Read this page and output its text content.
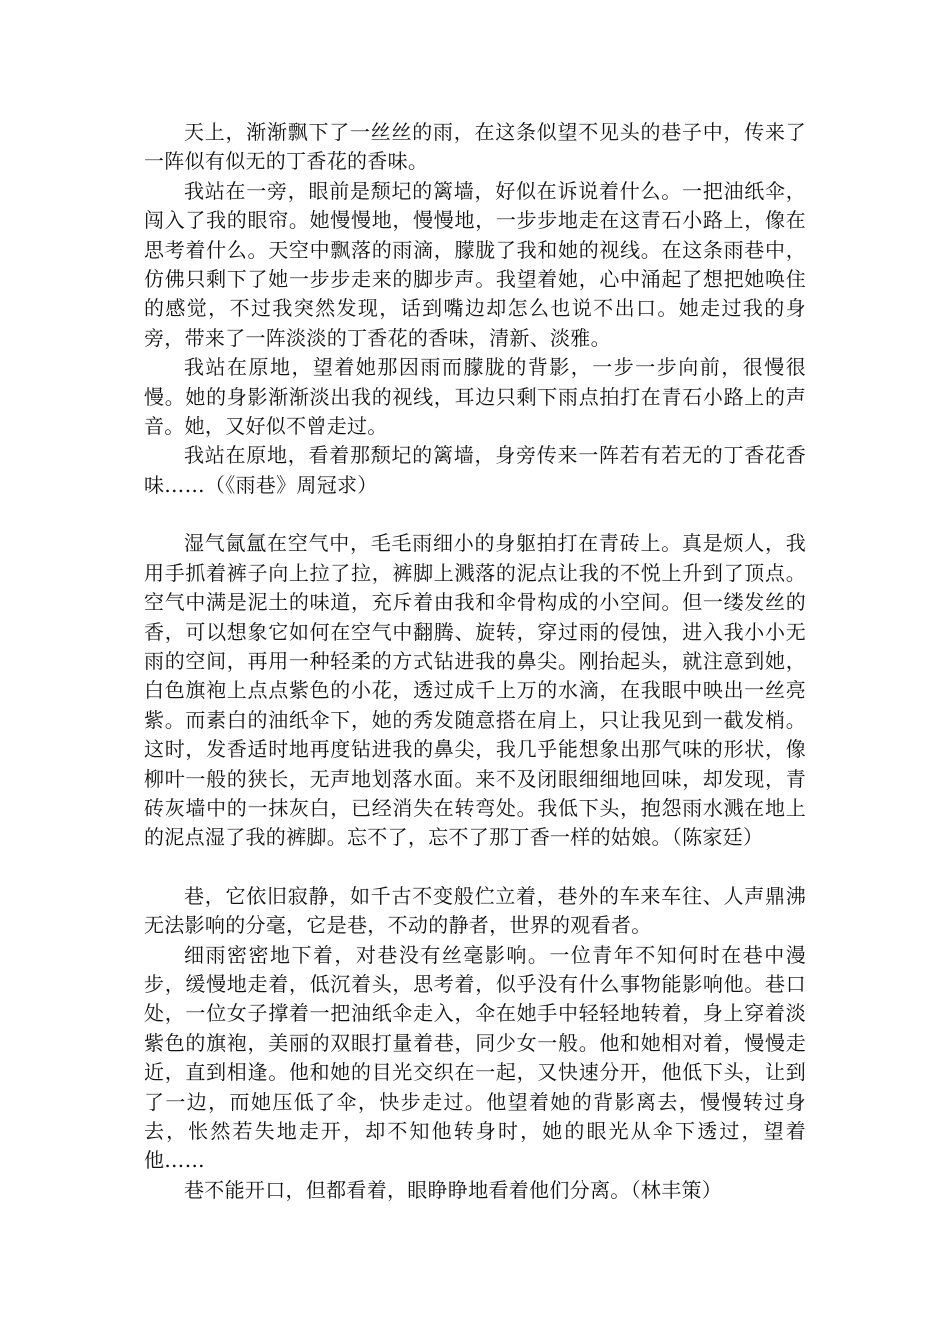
天上，渐渐飘下了一丝丝的雨，在这条似望不见头的巷子中，传来了一阵似有似无的丁香花的香味。

我站在一旁，眼前是颓圮的篱墙，好似在诉说着什么。一把油纸伞，闯入了我的眼帘。她慢慢地，慢慢地，一步步地走在这青石小路上，像在思考着什么。天空中飘落的雨滴，朦胧了我和她的视线。在这条雨巷中，仿佛只剩下了她一步步走来的脚步声。我望着她，心中涌起了想把她唤住的感觉，不过我突然发现，话到嘴边却怎么也说不出口。她走过我的身旁，带来了一阵淡淡的丁香花的香味，清新、淡雅。

我站在原地，望着她那因雨而朦胧的背影，一步一步向前，很慢很慢。她的身影渐渐淡出我的视线，耳边只剩下雨点拍打在青石小路上的声音。她，又好似不曾走过。

我站在原地，看着那颓圮的篱墙，身旁传来一阵若有若无的丁香花香味……（《雨巷》周冠求）

湿气氤氲在空气中，毛毛雨细小的身躯拍打在青砖上。真是烦人，我用手抓着裤子向上拉了拉，裤脚上溅落的泥点让我的不悦上升到了顶点。空气中满是泥土的味道，充斥着由我和伞骨构成的小空间。但一缕发丝的香，可以想象它如何在空气中翻腾、旋转，穿过雨的侵蚀，进入我小小无雨的空间，再用一种轻柔的方式钻进我的鼻尖。刚抬起头，就注意到她，白色旗袍上点点紫色的小花，透过成千上万的水滴，在我眼中映出一丝亮紫。而素白的油纸伞下，她的秀发随意搭在肩上，只让我见到一截发梢。这时，发香适时地再度钻进我的鼻尖，我几乎能想象出那气味的形状，像柳叶一般的狭长，无声地划落水面。来不及闭眼细细地回味，却发现，青砖灰墙中的一抹灰白，已经消失在转弯处。我低下头，抱怨雨水溅在地上的泥点湿了我的裤脚。忘不了，忘不了那丁香一样的姑娘。（陈家廷）

巷，它依旧寂静，如千古不变般伫立着，巷外的车来车往、人声鼎沸无法影响的分毫，它是巷，不动的静者，世界的观看者。

细雨密密地下着，对巷没有丝毫影响。一位青年不知何时在巷中漫步，缓慢地走着，低沉着头，思考着，似乎没有什么事物能影响他。巷口处，一位女子撑着一把油纸伞走入，伞在她手中轻轻地转着，身上穿着淡紫色的旗袍，美丽的双眼打量着巷，同少女一般。他和她相对着，慢慢走近，直到相逢。他和她的目光交织在一起，又快速分开，他低下头，让到了一边，而她压低了伞，快步走过。他望着她的背影离去，慢慢转过身去，怅然若失地走开，却不知他转身时，她的眼光从伞下透过，望着他……

巷不能开口，但都看着，眼睁睁地看着他们分离。（林丰策）
